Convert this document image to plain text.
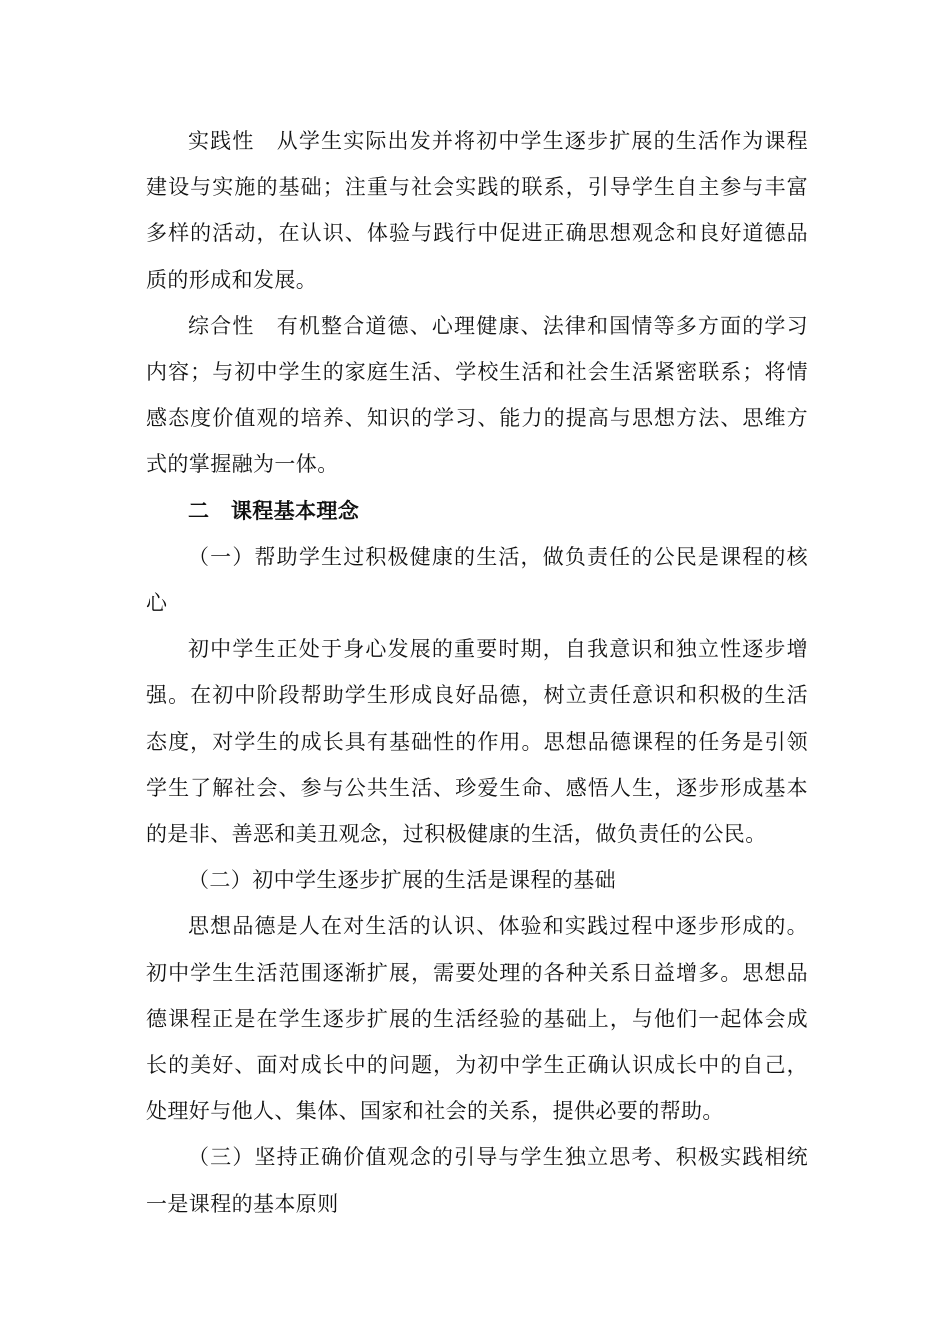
实践性 从学生实际出发并将初中学生逐步扩展的生活作为课程建设与实施的基础；注重与社会实践的联系，引导学生自主参与丰富多样的活动，在认识、体验与践行中促进正确思想观念和良好道德品质的形成和发展。

综合性 有机整合道德、心理健康、法律和国情等多方面的学习内容；与初中学生的家庭生活、学校生活和社会生活紧密联系；将情感态度价值观的培养、知识的学习、能力的提高与思想方法、思维方式的掌握融为一体。

二 课程基本理念

（一）帮助学生过积极健康的生活，做负责任的公民是课程的核心

初中学生正处于身心发展的重要时期，自我意识和独立性逐步增强。在初中阶段帮助学生形成良好品德，树立责任意识和积极的生活态度，对学生的成长具有基础性的作用。思想品德课程的任务是引领学生了解社会、参与公共生活、珍爱生命、感悟人生，逐步形成基本的是非、善恶和美丑观念，过积极健康的生活，做负责任的公民。

（二）初中学生逐步扩展的生活是课程的基础

思想品德是人在对生活的认识、体验和实践过程中逐步形成的。初中学生生活范围逐渐扩展，需要处理的各种关系日益增多。思想品德课程正是在学生逐步扩展的生活经验的基础上，与他们一起体会成长的美好、面对成长中的问题，为初中学生正确认识成长中的自己，处理好与他人、集体、国家和社会的关系，提供必要的帮助。

（三）坚持正确价值观念的引导与学生独立思考、积极实践相统一是课程的基本原则
